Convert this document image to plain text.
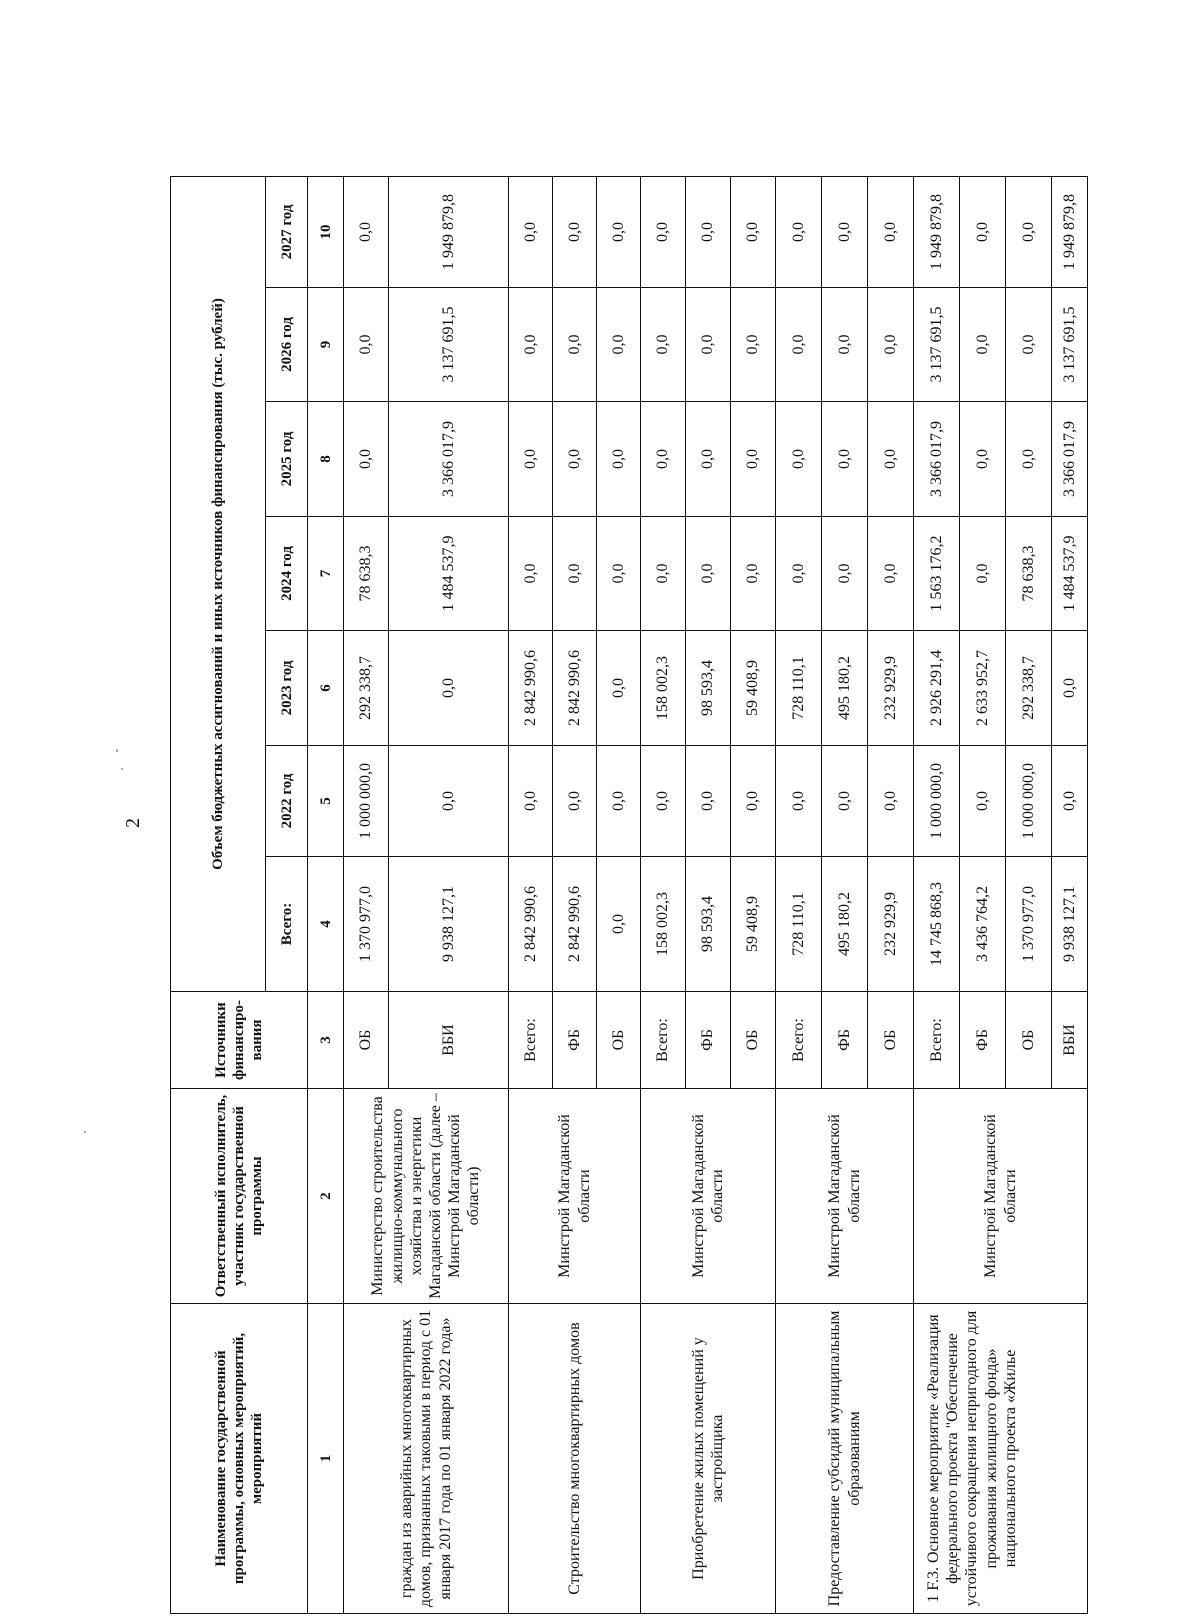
2
Наименование государственной программы, основных мероприятий, мероприятий	Ответственный исполнитель, участник государственной программы	Источники финансиро-вания	Объем бюджетных ассигнований и иных источников финансирования (тыс. рублей)						
			Всего:	2022 год	2023 год	2024 год	2025 год	2026 год	2027 год
1	2	3	4	5	6	7	8	9	10
граждан из аварийных многоквартирных домов, признанных таковыми в период с 01 января 2017 года по 01 января 2022 года»	Министерство строительства жилищно-коммунального хозяйства и энергетики Магаданской области (далее – Минстрой Магаданской области)	ОБ	1 370 977,0	1 000 000,0	292 338,7	78 638,3	0,0	0,0	0,0
		ВБИ	9 938 127,1	0,0	0,0	1 484 537,9	3 366 017,9	3 137 691,5	1 949 879,8
Строительство многоквартирных домов	Минстрой Магаданской области	Всего:	2 842 990,6	0,0	2 842 990,6	0,0	0,0	0,0	0,0
		ФБ	2 842 990,6	0,0	2 842 990,6	0,0	0,0	0,0	0,0
		ОБ	0,0	0,0	0,0	0,0	0,0	0,0	0,0
Приобретение жилых помещений у застройщика	Минстрой Магаданской области	Всего:	158 002,3	0,0	158 002,3	0,0	0,0	0,0	0,0
		ФБ	98 593,4	0,0	98 593,4	0,0	0,0	0,0	0,0
		ОБ	59 408,9	0,0	59 408,9	0,0	0,0	0,0	0,0
Предоставление субсидий муниципальным образованиям	Минстрой Магаданской области	Всего:	728 110,1	0,0	728 110,1	0,0	0,0	0,0	0,0
		ФБ	495 180,2	0,0	495 180,2	0,0	0,0	0,0	0,0
		ОБ	232 929,9	0,0	232 929,9	0,0	0,0	0,0	0,0
1 F.3. Основное мероприятие «Реализация федерального проекта "Обеспечение устойчивого сокращения непригодного для проживания жилищного фонда» национального проекта «Жилье	Минстрой Магаданской области	Всего:	14 745 868,3	1 000 000,0	2 926 291,4	1 563 176,2	3 366 017,9	3 137 691,5	1 949 879,8
		ФБ	3 436 764,2	0,0	2 633 952,7	0,0	0,0	0,0	0,0
		ОБ	1 370 977,0	1 000 000,0	292 338,7	78 638,3	0,0	0,0	0,0
		ВБИ	9 938 127,1	0,0	0,0	1 484 537,9	3 366 017,9	3 137 691,5	1 949 879,8
